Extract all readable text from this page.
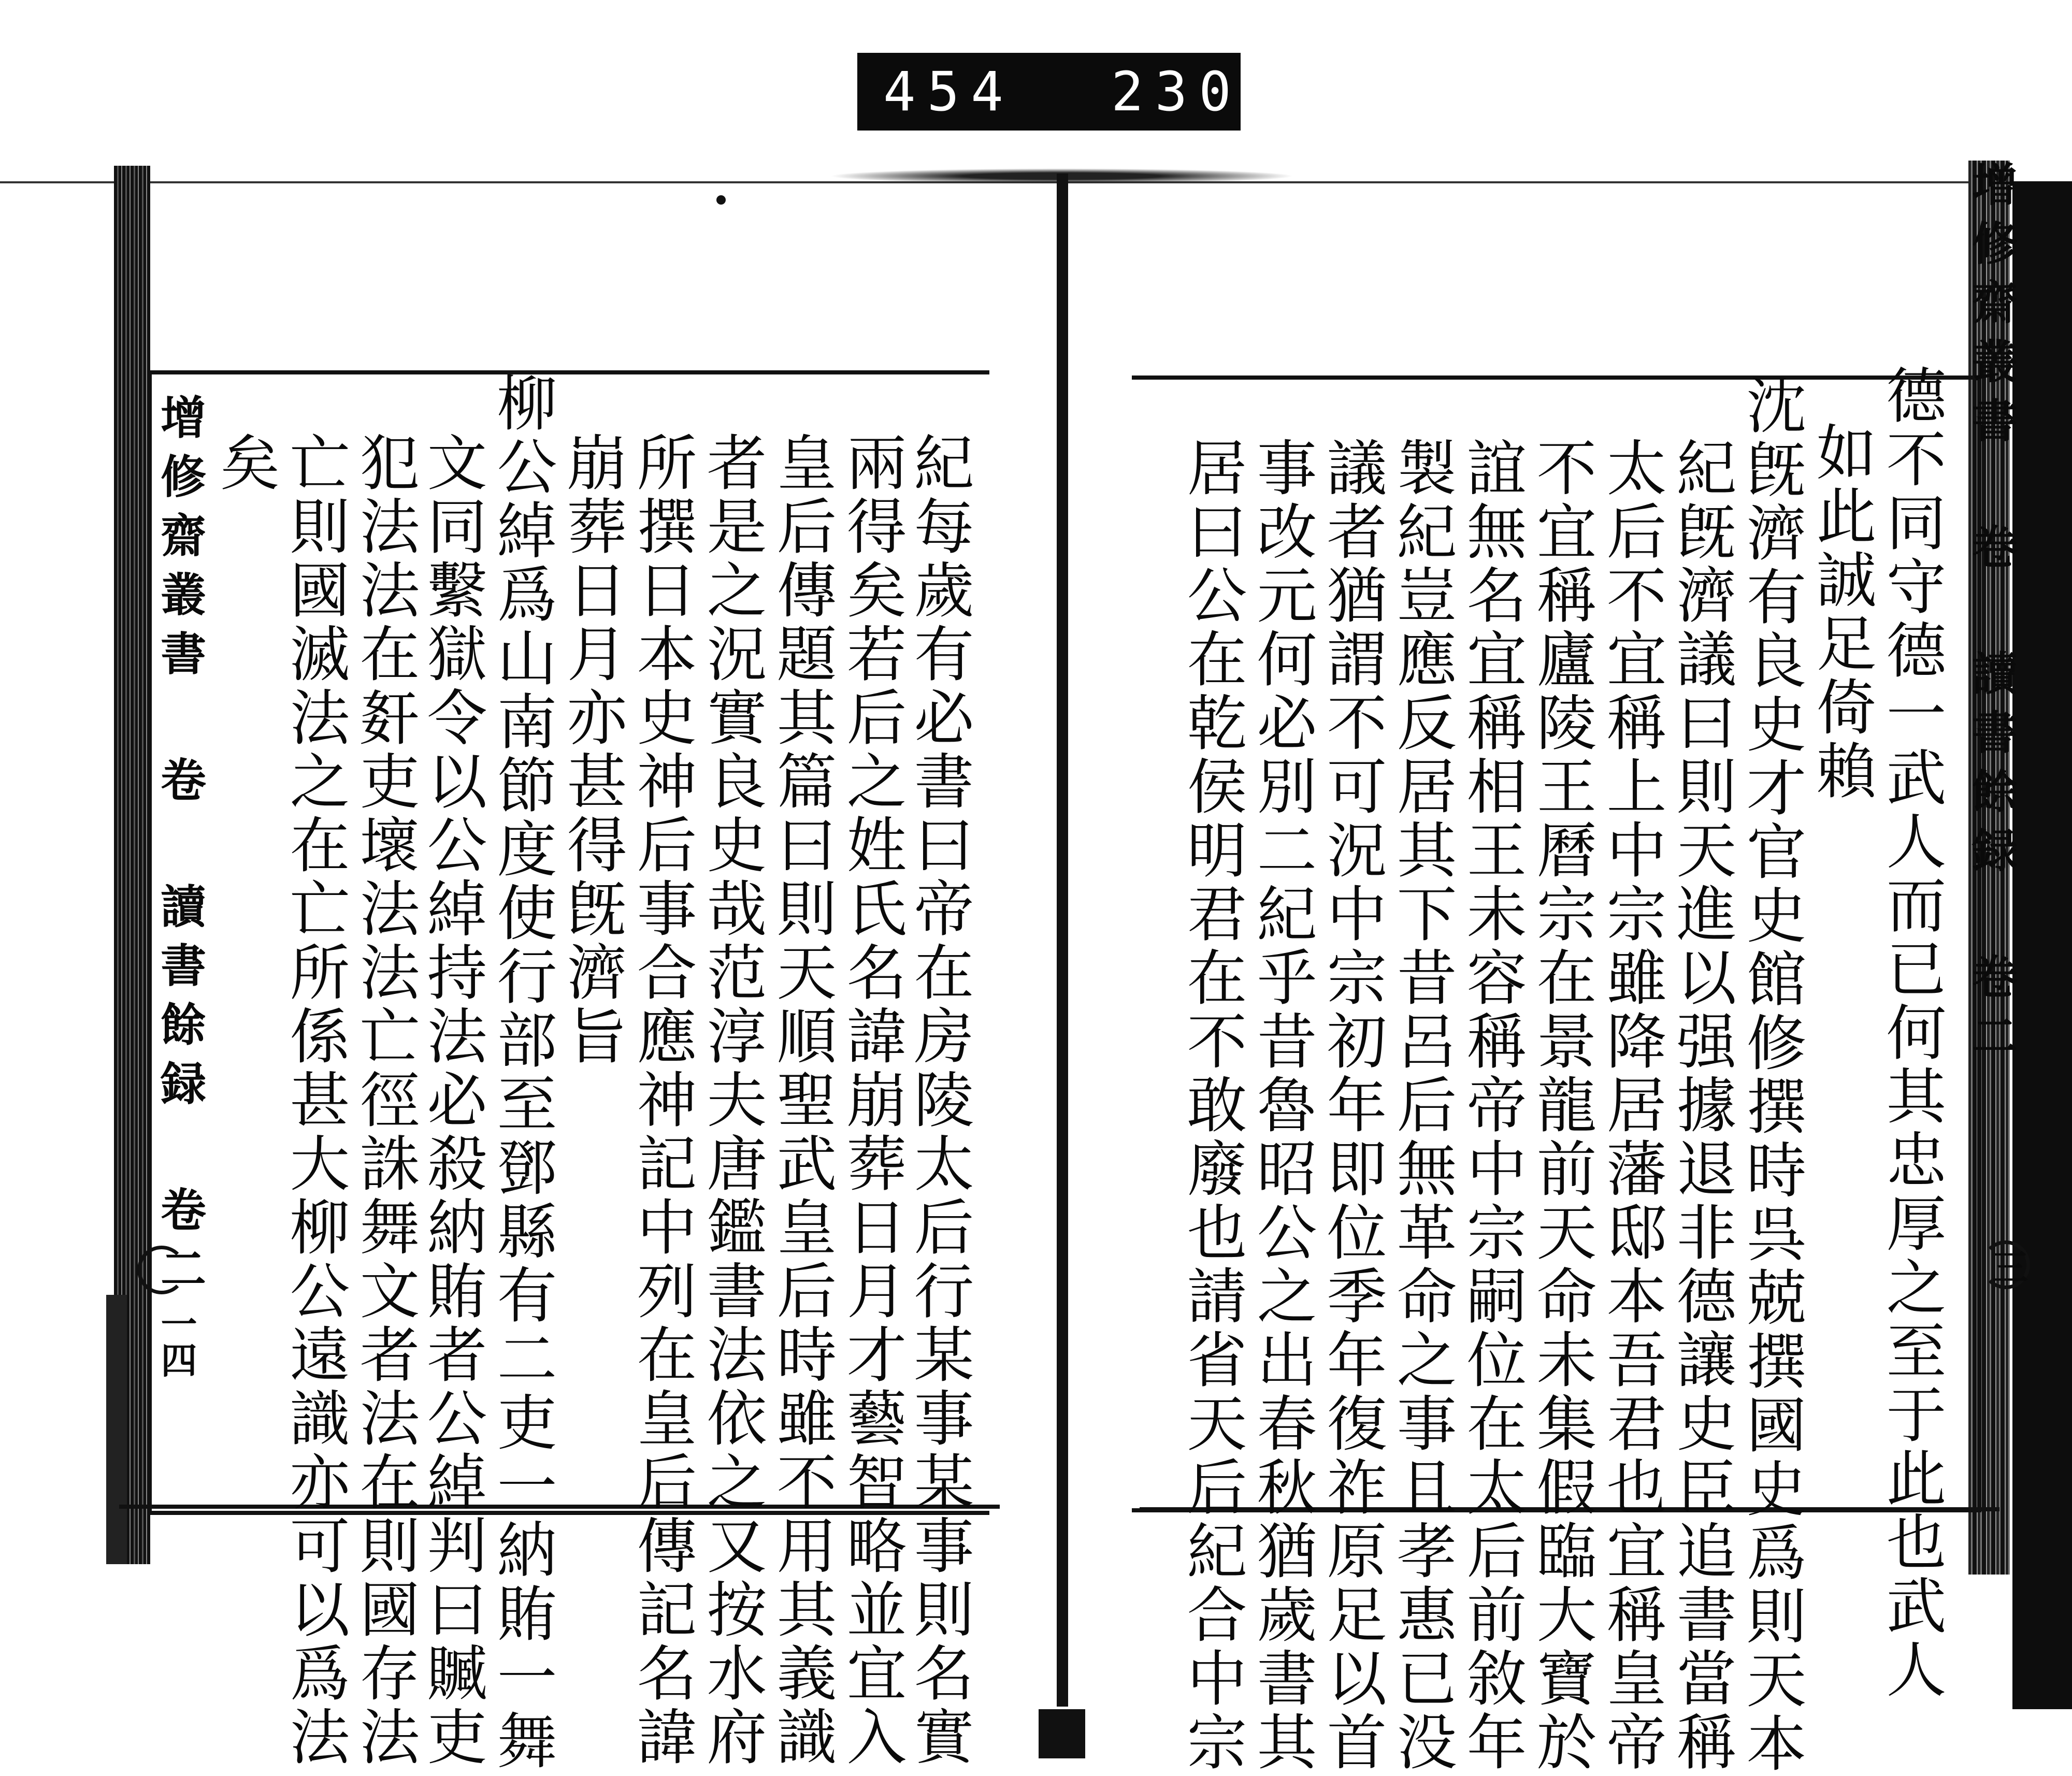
454 230.
紀每歲有必書曰帝在房陵太后行某事某事則名實
兩得矣若后之姓氏名諱崩葬日月才藝智略並宜入
皇后傳題其篇曰則天順聖武皇后時雖不用其義識
者是之況實良史哉范淳夫唐鑑書法依之又按水府
所撰日本史神后事合應神記中列在皇后傳記名諱
崩葬日月亦甚得旣濟旨
柳公綽爲山南節度使行部至鄧縣有二吏一納賄一舞
文同繫獄令以公綽持法必殺納賄者公綽判曰贓吏
犯法法在姧吏壞法法亡徑誅舞文者法在則國存法
亡則國滅法之在亡所係甚大柳公遠識亦可以爲法
矣
增修齋叢書 卷 讀書餘録 卷二
一四	德不同守德一武人而已何其忠厚之至于此也武人
如此誠足倚賴
沈旣濟有良史才官史館修撰時呉兢撰國史爲則天本
紀旣濟議曰則天進以强據退非德讓史臣追書當稱
太后不宜稱上中宗雖降居藩邸本吾君也宜稱皇帝
不宜稱廬陵王曆宗在景龍前天命未集假臨大寶於
誼無名宜稱相王未容稱帝中宗嗣位在太后前敘年
製紀豈應反居其下昔呂后無革命之事且孝惠已没
議者猶謂不可況中宗初年即位季年復祚原足以首
事改元何必別二紀乎昔魯昭公之出春秋猶歲書其
居曰公在乾侯明君在不敢廢也請省天后紀合中宗	增修齋叢書 卷 讀書餘録 卷二
三
